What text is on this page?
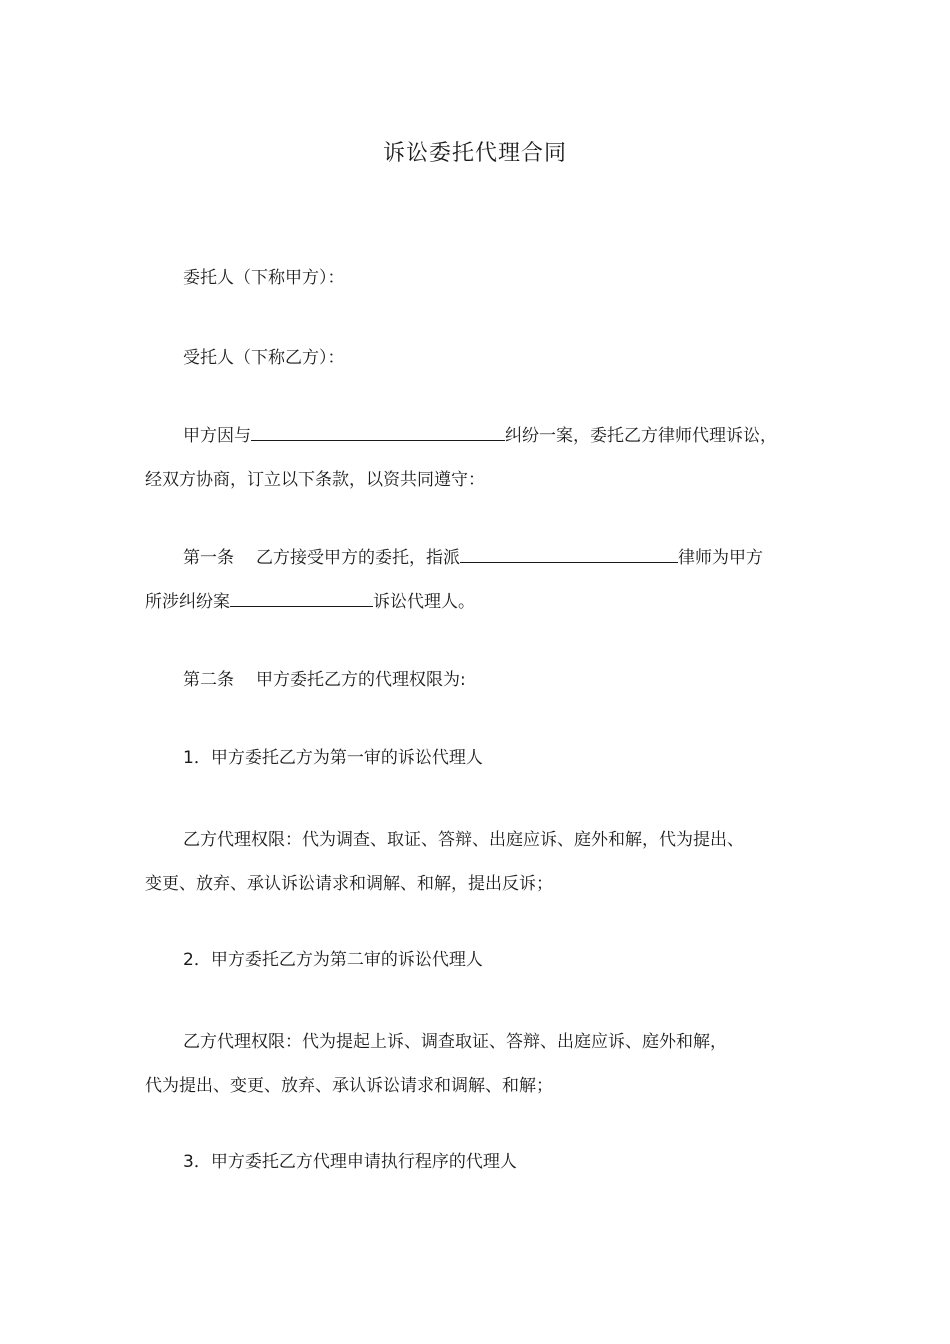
诉讼委托代理合同

委托人（下称甲方）：

受托人（下称乙方）：

甲方因与	纠纷一案，委托乙方律师代理诉讼，
经双方协商，订立以下条款，以资共同遵守：
第一条 乙方接受甲方的委托，指派	律师为甲方
所涉纠纷案	诉讼代理人。

第二条 甲方委托乙方的代理权限为:

1．甲方委托乙方为第一审的诉讼代理人

乙方代理权限：代为调查、取证、答辩、出庭应诉、庭外和解，代为提出、
变更、放弃、承认诉讼请求和调解、和解，提出反诉；

2．甲方委托乙方为第二审的诉讼代理人

乙方代理权限：代为提起上诉、调查取证、答辩、出庭应诉、庭外和解，
代为提出、变更、放弃、承认诉讼请求和调解、和解；

3．甲方委托乙方代理申请执行程序的代理人
